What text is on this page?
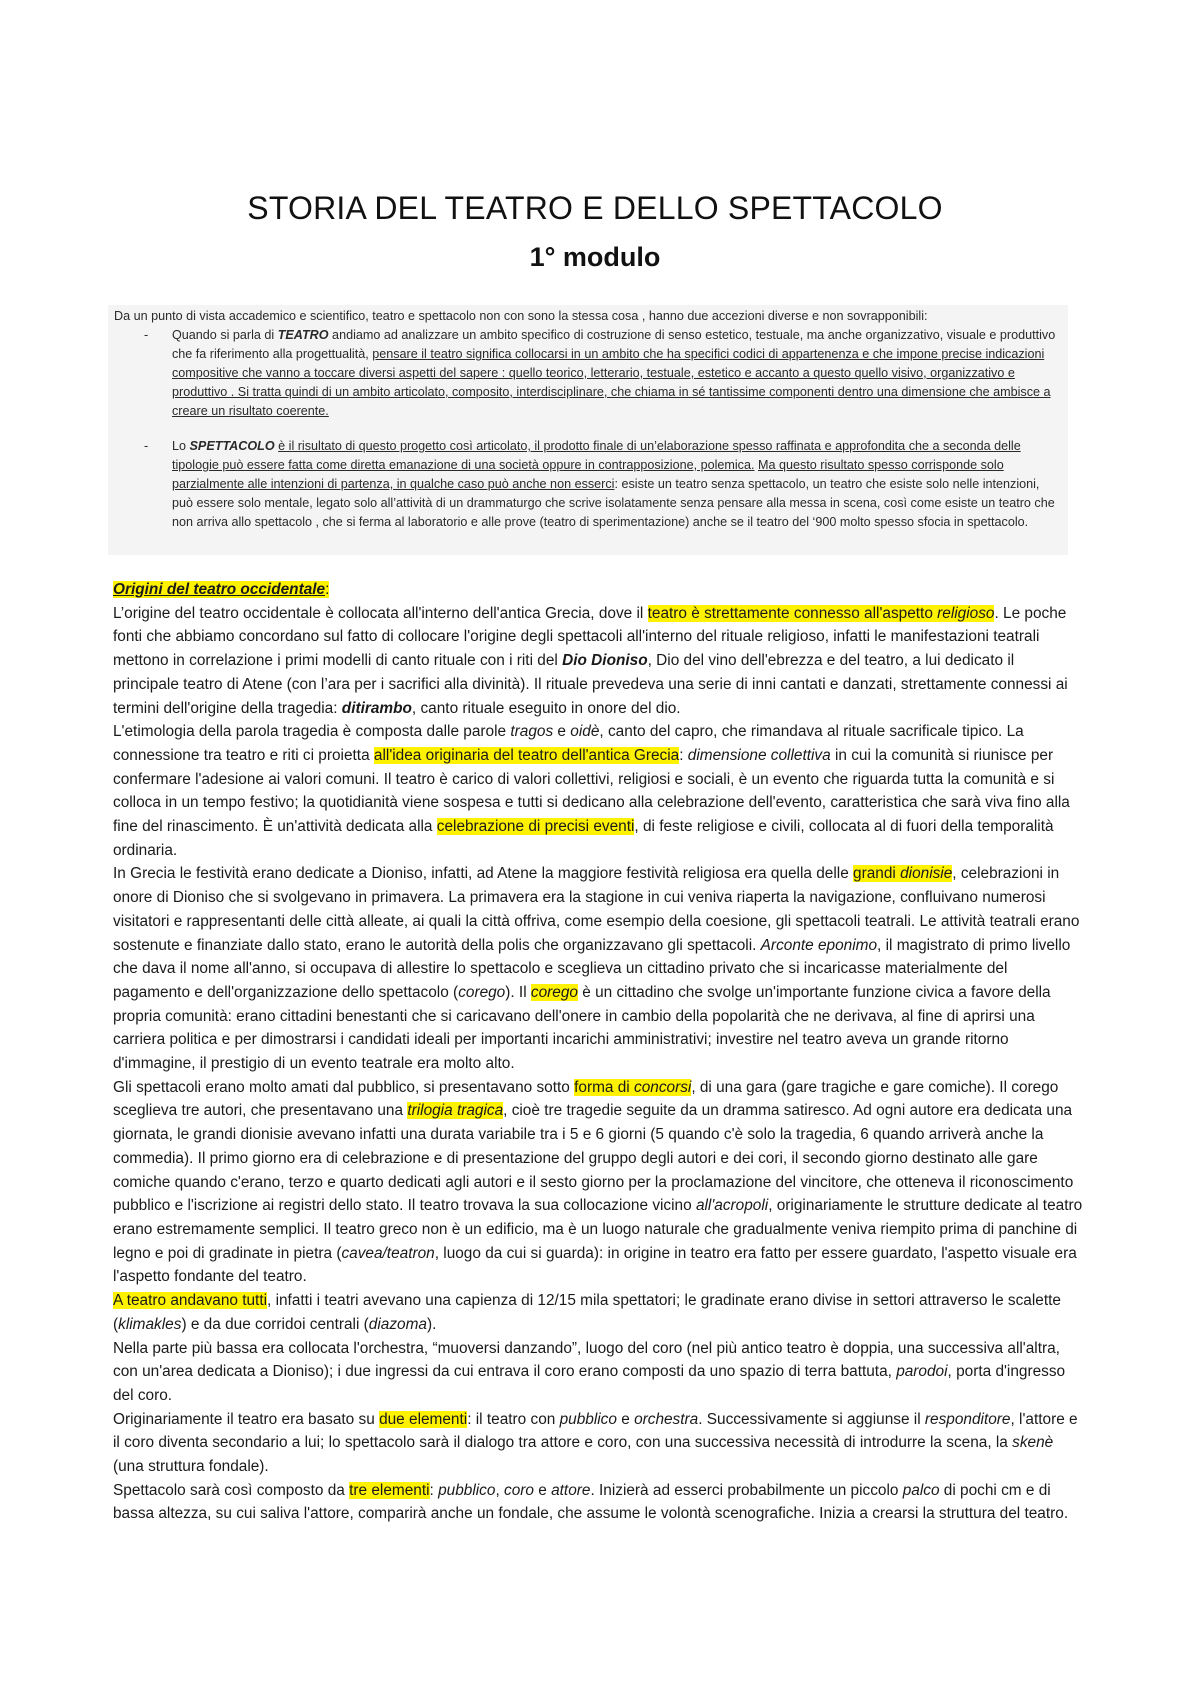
STORIA DEL TEATRO E DELLO SPETTACOLO
1° modulo

Da un punto di vista accademico e scientifico, teatro e spettacolo non con sono la stessa cosa , hanno due accezioni diverse e non sovrapponibili:

- Quando si parla di TEATRO andiamo ad analizzare un ambito specifico di costruzione di senso estetico, testuale, ma anche organizzativo, visuale e produttivo che fa riferimento alla progettualità, pensare il teatro significa collocarsi in un ambito che ha specifici codici di appartenenza e che impone precise indicazioni compositive che vanno a toccare diversi aspetti del sapere : quello teorico, letterario, testuale, estetico e accanto a questo quello visivo, organizzativo e produttivo . Si tratta quindi di un ambito articolato, composito, interdisciplinare, che chiama in sé tantissime componenti dentro una dimensione che ambisce a creare un risultato coerente.

- Lo SPETTACOLO è il risultato di questo progetto così articolato, il prodotto finale di un’elaborazione spesso raffinata e approfondita che a seconda delle tipologie può essere fatta come diretta emanazione di una società oppure in contrapposizione, polemica. Ma questo risultato spesso corrisponde solo parzialmente alle intenzioni di partenza, in qualche caso può anche non esserci: esiste un teatro senza spettacolo, un teatro che esiste solo nelle intenzioni, può essere solo mentale, legato solo all’attività di un drammaturgo che scrive isolatamente senza pensare alla messa in scena, così come esiste un teatro che non arriva allo spettacolo , che si ferma al laboratorio e alle prove (teatro di sperimentazione) anche se il teatro del ‘900 molto spesso sfocia in spettacolo.

Origini del teatro occidentale:

L’origine del teatro occidentale è collocata all'interno dell'antica Grecia, dove il teatro è strettamente connesso all'aspetto religioso. Le poche fonti che abbiamo concordano sul fatto di collocare l'origine degli spettacoli all'interno del rituale religioso, infatti le manifestazioni teatrali mettono in correlazione i primi modelli di canto rituale con i riti del Dio Dioniso, Dio del vino dell'ebrezza e del teatro, a lui dedicato il principale teatro di Atene (con l’ara per i sacrifici alla divinità). Il rituale prevedeva una serie di inni cantati e danzati, strettamente connessi ai termini dell'origine della tragedia: ditirambo, canto rituale eseguito in onore del dio.

L'etimologia della parola tragedia è composta dalle parole tragos e oidè, canto del capro, che rimandava al rituale sacrificale tipico. La connessione tra teatro e riti ci proietta all'idea originaria del teatro dell'antica Grecia: dimensione collettiva in cui la comunità si riunisce per confermare l'adesione ai valori comuni. Il teatro è carico di valori collettivi, religiosi e sociali, è un evento che riguarda tutta la comunità e si colloca in un tempo festivo; la quotidianità viene sospesa e tutti si dedicano alla celebrazione dell'evento, caratteristica che sarà viva fino alla fine del rinascimento. È un'attività dedicata alla celebrazione di precisi eventi, di feste religiose e civili, collocata al di fuori della temporalità ordinaria.

In Grecia le festività erano dedicate a Dioniso, infatti, ad Atene la maggiore festività religiosa era quella delle grandi dionisie, celebrazioni in onore di Dioniso che si svolgevano in primavera. La primavera era la stagione in cui veniva riaperta la navigazione, confluivano numerosi visitatori e rappresentanti delle città alleate, ai quali la città offriva, come esempio della coesione, gli spettacoli teatrali. Le attività teatrali erano sostenute e finanziate dallo stato, erano le autorità della polis che organizzavano gli spettacoli. Arconte eponimo, il magistrato di primo livello che dava il nome all'anno, si occupava di allestire lo spettacolo e sceglieva un cittadino privato che si incaricasse materialmente del pagamento e dell'organizzazione dello spettacolo (corego). Il corego è un cittadino che svolge un'importante funzione civica a favore della propria comunità: erano cittadini benestanti che si caricavano dell'onere in cambio della popolarità che ne derivava, al fine di aprirsi una carriera politica e per dimostrarsi i candidati ideali per importanti incarichi amministrativi; investire nel teatro aveva un grande ritorno d'immagine, il prestigio di un evento teatrale era molto alto.

Gli spettacoli erano molto amati dal pubblico, si presentavano sotto forma di concorsi, di una gara (gare tragiche e gare comiche). Il corego sceglieva tre autori, che presentavano una trilogia tragica, cioè tre tragedie seguite da un dramma satiresco. Ad ogni autore era dedicata una giornata, le grandi dionisie avevano infatti una durata variabile tra i 5 e 6 giorni (5 quando c'è solo la tragedia, 6 quando arriverà anche la commedia). Il primo giorno era di celebrazione e di presentazione del gruppo degli autori e dei cori, il secondo giorno destinato alle gare comiche quando c'erano, terzo e quarto dedicati agli autori e il sesto giorno per la proclamazione del vincitore, che otteneva il riconoscimento pubblico e l'iscrizione ai registri dello stato. Il teatro trovava la sua collocazione vicino all'acropoli, originariamente le strutture dedicate al teatro erano estremamente semplici. Il teatro greco non è un edificio, ma è un luogo naturale che gradualmente veniva riempito prima di panchine di legno e poi di gradinate in pietra (cavea/teatron, luogo da cui si guarda): in origine in teatro era fatto per essere guardato, l'aspetto visuale era l'aspetto fondante del teatro.

A teatro andavano tutti, infatti i teatri avevano una capienza di 12/15 mila spettatori; le gradinate erano divise in settori attraverso le scalette (klimakles) e da due corridoi centrali (diazoma).

Nella parte più bassa era collocata l'orchestra, “muoversi danzando”, luogo del coro (nel più antico teatro è doppia, una successiva all'altra, con un'area dedicata a Dioniso); i due ingressi da cui entrava il coro erano composti da uno spazio di terra battuta, parodoi, porta d'ingresso del coro.

Originariamente il teatro era basato su due elementi: il teatro con pubblico e orchestra. Successivamente si aggiunse il responditore, l'attore e il coro diventa secondario a lui; lo spettacolo sarà il dialogo tra attore e coro, con una successiva necessità di introdurre la scena, la skenè (una struttura fondale).

Spettacolo sarà così composto da tre elementi: pubblico, coro e attore. Inizierà ad esserci probabilmente un piccolo palco di pochi cm e di bassa altezza, su cui saliva l'attore, comparirà anche un fondale, che assume le volontà scenografiche. Inizia a crearsi la struttura del teatro.
